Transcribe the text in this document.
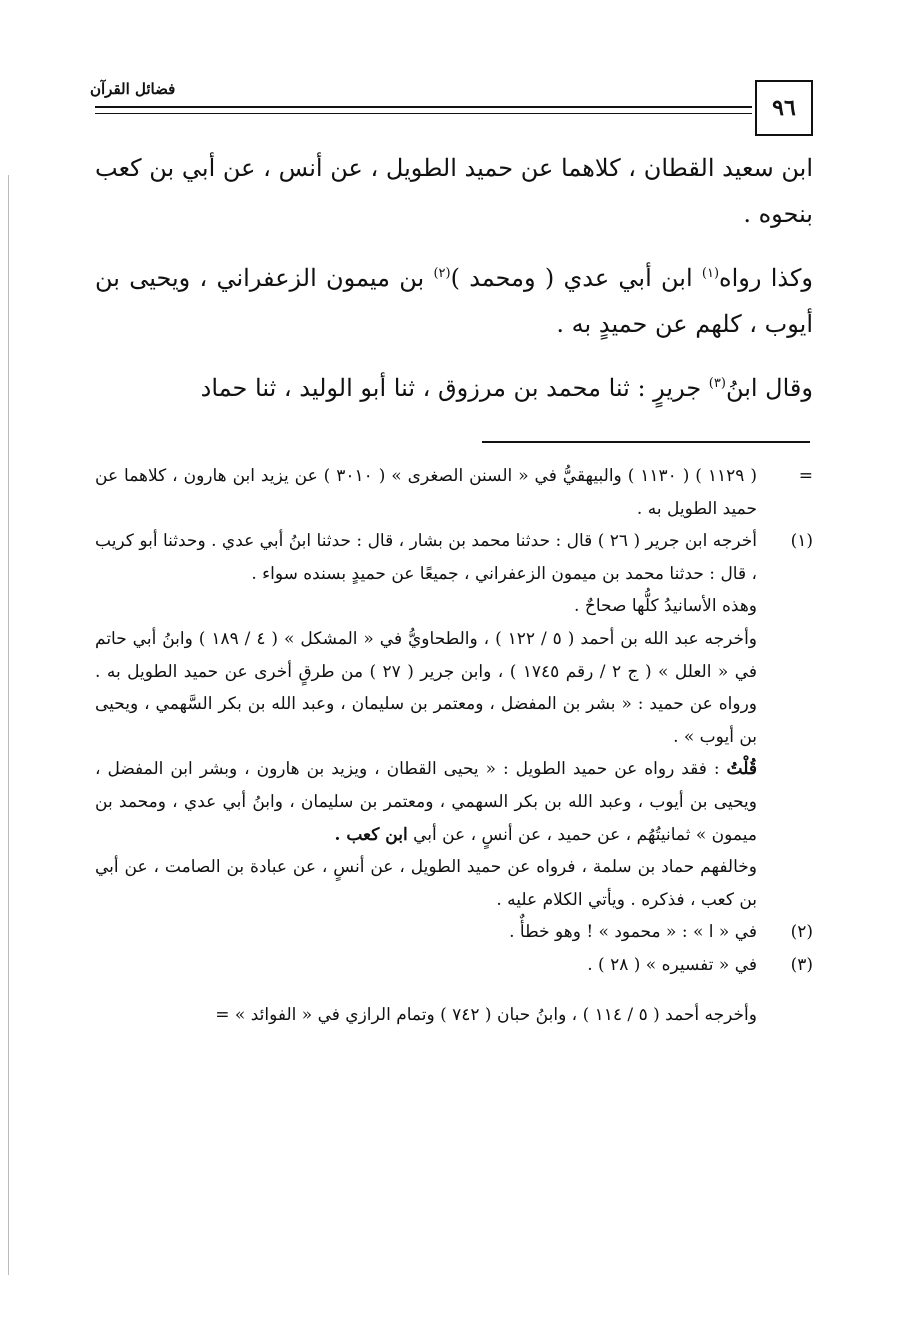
٩٦
فضائل القرآن

ابن سعيد القطان ، كلاهما عن حميد الطويل ، عن أنس ، عن أبي بن كعب بنحوه .

وكذا رواه$^{(١)}$ ابن أبي عدي ( ومحمد )$^{(٢)}$ بن ميمون الزعفراني ، ويحيى بن أيوب ، كلهم عن حميدٍ به .

وقال ابنُ$^{(٣)}$ جريرٍ : ثنا محمد بن مرزوق ، ثنا أبو الوليد ، ثنا حماد

=

( ١١٢٩ ) ( ١١٣٠ ) والبيهقيُّ في « السنن الصغرى » ( ٣٠١٠ ) عن يزيد ابن هارون ، كلاهما عن حميد الطويل به .

(١)

أخرجه ابن جرير ( ٢٦ ) قال : حدثنا محمد بن بشار ، قال : حدثنا ابنُ أبي عدي . وحدثنا أبو كريب ، قال : حدثنا محمد بن ميمون الزعفراني ، جميعًا عن حميدٍ بسنده سواء .

وهذه الأسانيدُ كلُّها صحاحٌ .

وأخرجه عبد الله بن أحمد ( ٥ / ١٢٢ ) ، والطحاويُّ في « المشكل » ( ٤ / ١٨٩ ) وابنُ أبي حاتم في « العلل » ( ج ٢ / رقم ١٧٤٥ ) ، وابن جرير ( ٢٧ ) من طرقٍ أخرى عن حميد الطويل به . ورواه عن حميد : « بشر بن المفضل ، ومعتمر بن سليمان ، وعبد الله بن بكر السَّهمي ، ويحيى بن أيوب » .

قُلْتُ : فقد رواه عن حميد الطويل : « يحيى القطان ، ويزيد بن هارون ، وبشر ابن المفضل ، ويحيى بن أيوب ، وعبد الله بن بكر السهمي ، ومعتمر بن سليمان ، وابنُ أبي عدي ، ومحمد بن ميمون » ثمانيتُهُم ، عن حميد ، عن أنسٍ ، عن أبي ابن كعب .

وخالفهم حماد بن سلمة ، فرواه عن حميد الطويل ، عن أنسٍ ، عن عبادة بن الصامت ، عن أبي بن كعب ، فذكره . ويأتي الكلام عليه .

(٢)

في « ا » : « محمود » ! وهو خطأٌ .

(٣)

في « تفسيره » ( ٢٨ ) .

وأخرجه أحمد ( ٥ / ١١٤ ) ، وابنُ حبان ( ٧٤٢ ) وتمام الرازي في « الفوائد » =
